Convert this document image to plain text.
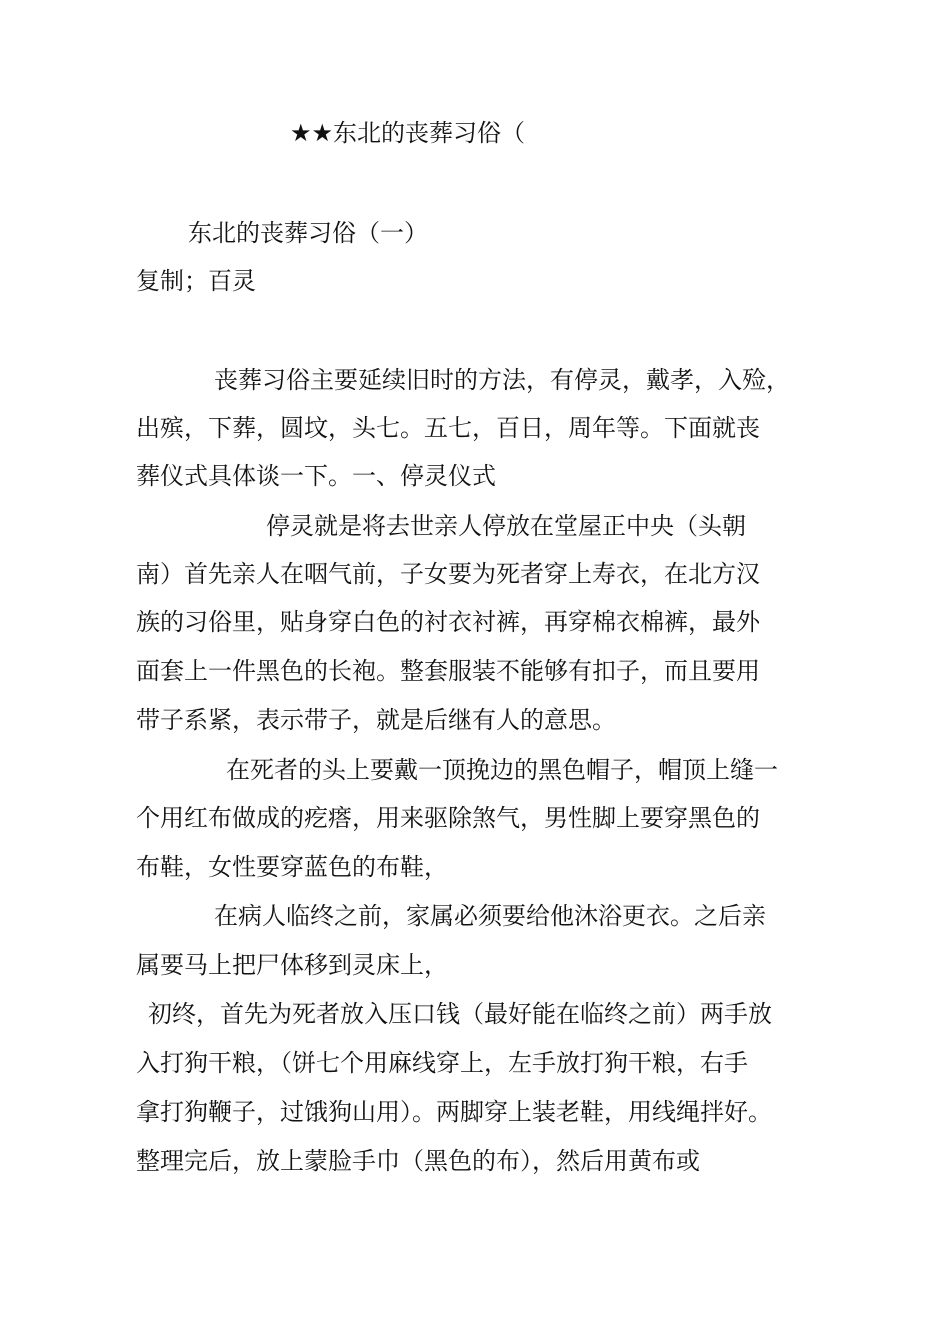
★★东北的丧葬习俗（

东北的丧葬习俗（一）

复制；百灵

丧葬习俗主要延续旧时的方法，有停灵，戴孝，入殓，

出殡，下葬，圆坟，头七。五七，百日，周年等。下面就丧

葬仪式具体谈一下。一、停灵仪式

停灵就是将去世亲人停放在堂屋正中央（头朝

南）首先亲人在咽气前，子女要为死者穿上寿衣，在北方汉

族的习俗里，贴身穿白色的衬衣衬裤，再穿棉衣棉裤，最外

面套上一件黑色的长袍。整套服装不能够有扣子，而且要用

带子系紧，表示带子，就是后继有人的意思。

在死者的头上要戴一顶挽边的黑色帽子，帽顶上缝一

个用红布做成的疙瘩，用来驱除煞气，男性脚上要穿黑色的

布鞋，女性要穿蓝色的布鞋，

在病人临终之前，家属必须要给他沐浴更衣。之后亲

属要马上把尸体移到灵床上，

初终，首先为死者放入压口钱（最好能在临终之前）两手放

入打狗干粮，（饼七个用麻线穿上，左手放打狗干粮，右手

拿打狗鞭子，过饿狗山用）。两脚穿上装老鞋，用线绳拌好。

整理完后，放上蒙脸手巾（黑色的布），然后用黄布或
